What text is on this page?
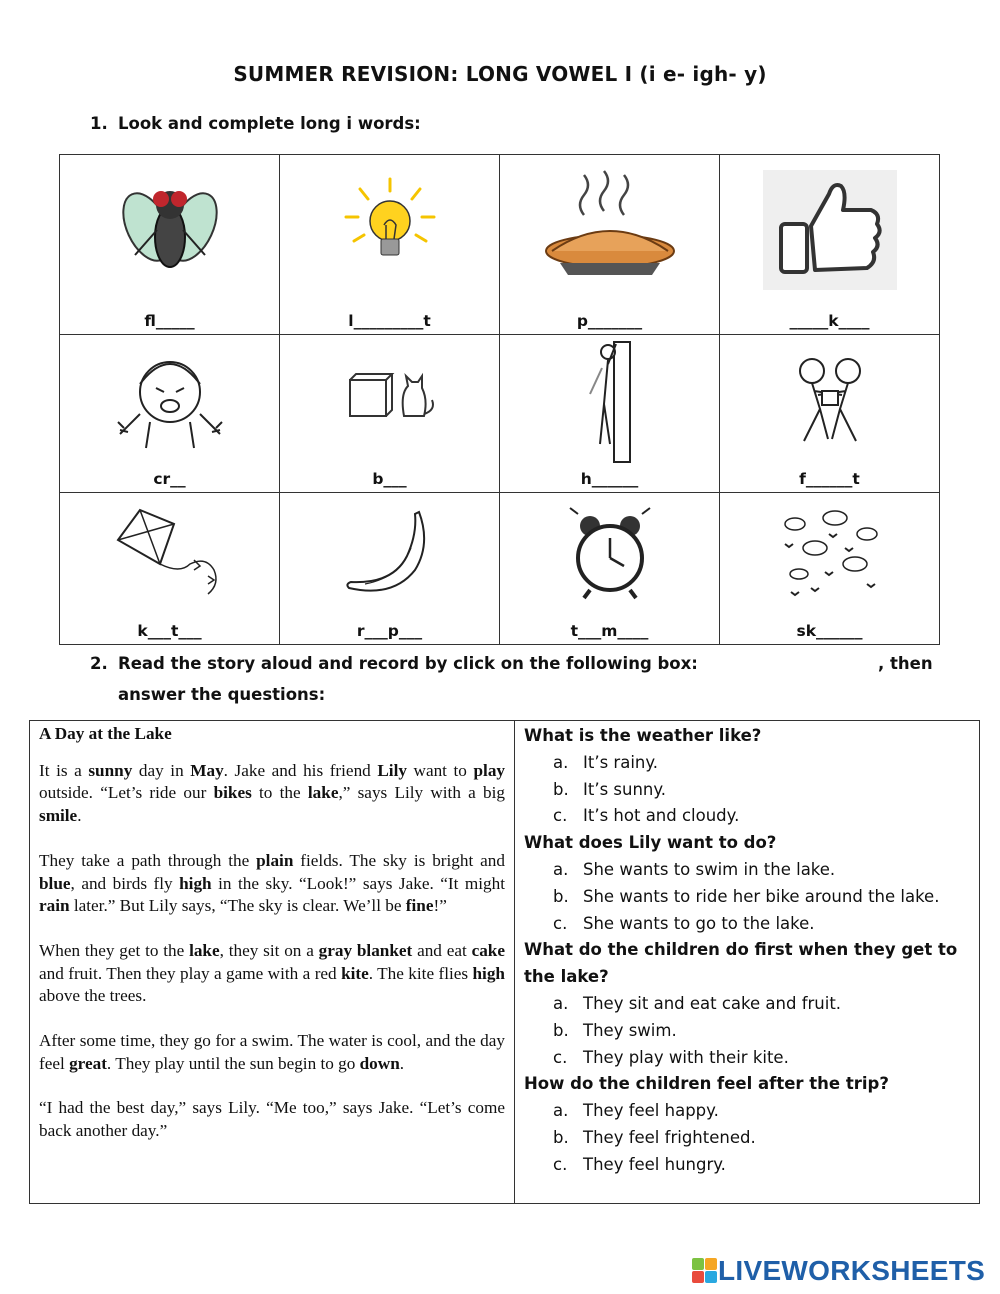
SUMMER REVISION: LONG VOWEL I (i e- igh- y)
1. Look and complete long i words:
fl_____	l_________t	p_______	_____k____

cr__	b___	h______	f______t

k___t___	r___p___	t___m____	sk______
2. Read the story aloud and record by click on the following box:	, then
answer the questions:
A Day at the Lake

It is a sunny day in May. Jake and his friend Lily want to play outside. “Let’s ride our bikes to the lake,” says Lily with a big smile.

They take a path through the plain fields. The sky is bright and blue, and birds fly high in the sky. “Look!” says Jake. “It might rain later.” But Lily says, “The sky is clear. We’ll be fine!”

When they get to the lake, they sit on a gray blanket and eat cake and fruit. Then they play a game with a red kite. The kite flies high above the trees.

After some time, they go for a swim. The water is cool, and the day feel great. They play until the sun begin to go down.

“I had the best day,” says Lily. “Me too,” says Jake. “Let’s come back another day.”

What is the weather like?
a. It’s rainy.
b. It’s sunny.
c. It’s hot and cloudy.
What does Lily want to do?
a. She wants to swim in the lake.
b. She wants to ride her bike around the lake.
c. She wants to go to the lake.
What do the children do first when they get to the lake?
a. They sit and eat cake and fruit.
b. They swim.
c. They play with their kite.
How do the children feel after the trip?
a. They feel happy.
b. They feel frightened.
c. They feel hungry.
LIVEWORKSHEETS
